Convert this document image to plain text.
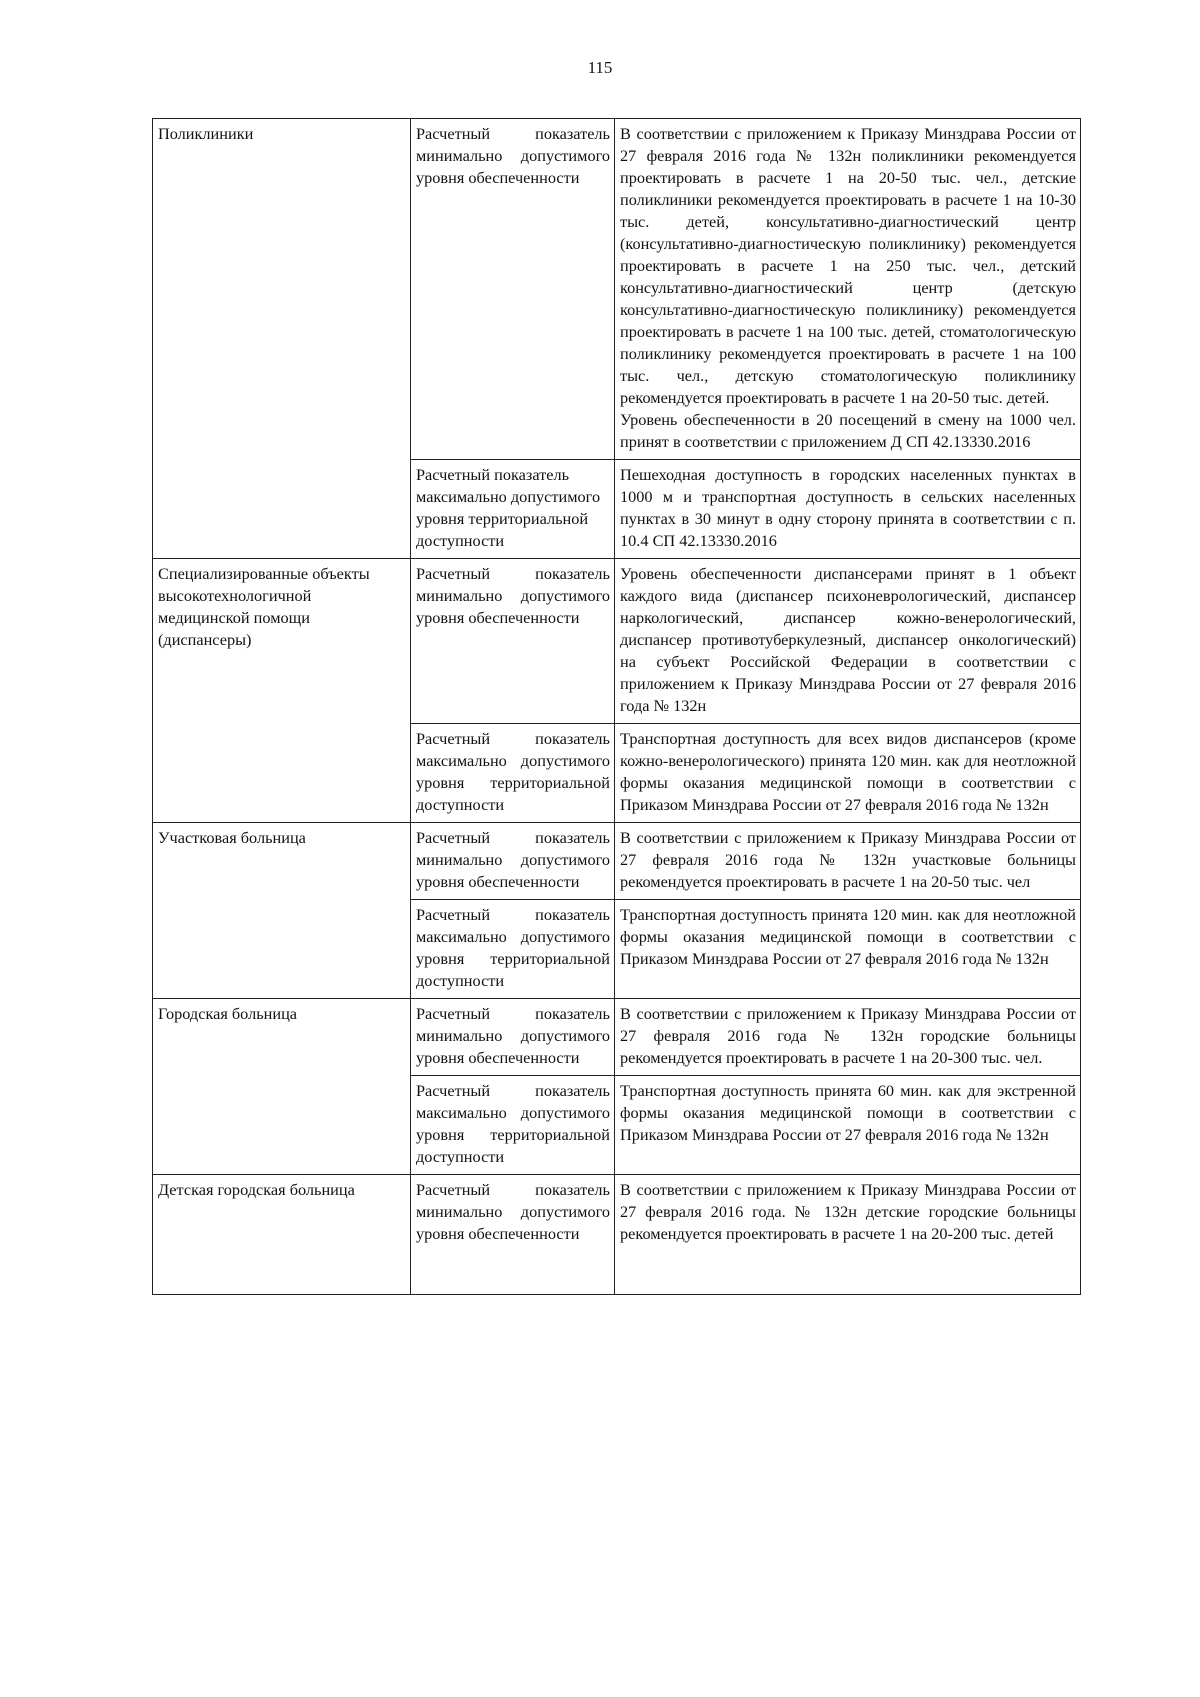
115
Поликлиники	Расчетный показатель минимально допустимого уровня обеспеченности	В соответствии с приложением к Приказу Минздрава России от 27 февраля 2016 года № 132н поликлиники рекомендуется проектировать в расчете 1 на 20-50 тыс. чел., детские поликлиники рекомендуется проектировать в расчете 1 на 10-30 тыс. детей, консультативно-диагностический центр (консультативно-диагностическую поликлинику) рекомендуется проектировать в расчете 1 на 250 тыс. чел., детский консультативно-диагностический центр (детскую консультативно-диагностическую поликлинику) рекомендуется проектировать в расчете 1 на 100 тыс. детей, стоматологическую поликлинику рекомендуется проектировать в расчете 1 на 100 тыс. чел., детскую стоматологическую поликлинику рекомендуется проектировать в расчете 1 на 20-50 тыс. детей.

Уровень обеспеченности в 20 посещений в смену на 1000 чел. принят в соответствии с приложением Д СП 42.13330.2016

	Расчетный показатель максимально допустимого уровня территориальной доступности	Пешеходная доступность в городских населенных пунктах в 1000 м и транспортная доступность в сельских населенных пунктах в 30 минут в одну сторону принята в соответствии с п. 10.4 СП 42.13330.2016

Специализированные объекты высокотехнологичной медицинской помощи (диспансеры)	Расчетный показатель минимально допустимого уровня обеспеченности	Уровень обеспеченности диспансерами принят в 1 объект каждого вида (диспансер психоневрологический, диспансер наркологический, диспансер кожно-венерологический, диспансер противотуберкулезный, диспансер онкологический) на субъект Российской Федерации в соответствии с приложением к Приказу Минздрава России от 27 февраля 2016 года № 132н

	Расчетный показатель максимально допустимого уровня территориальной доступности	Транспортная доступность для всех видов диспансеров (кроме кожно-венерологического) принята 120 мин. как для неотложной формы оказания медицинской помощи в соответствии с Приказом Минздрава России от 27 февраля 2016 года № 132н

Участковая больница	Расчетный показатель минимально допустимого уровня обеспеченности	В соответствии с приложением к Приказу Минздрава России от 27 февраля 2016 года № 132н участковые больницы рекомендуется проектировать в расчете 1 на 20-50 тыс. чел

	Расчетный показатель максимально допустимого уровня территориальной доступности	Транспортная доступность принята 120 мин. как для неотложной формы оказания медицинской помощи в соответствии с Приказом Минздрава России от 27 февраля 2016 года № 132н

Городская больница	Расчетный показатель минимально допустимого уровня обеспеченности	В соответствии с приложением к Приказу Минздрава России от 27 февраля 2016 года № 132н городские больницы рекомендуется проектировать в расчете 1 на 20-300 тыс. чел.

	Расчетный показатель максимально допустимого уровня территориальной доступности	Транспортная доступность принята 60 мин. как для экстренной формы оказания медицинской помощи в соответствии с Приказом Минздрава России от 27 февраля 2016 года № 132н

Детская городская больница	Расчетный показатель минимально допустимого уровня обеспеченности	В соответствии с приложением к Приказу Минздрава России от 27 февраля 2016 года. № 132н детские городские больницы рекомендуется проектировать в расчете 1 на 20-200 тыс. детей
